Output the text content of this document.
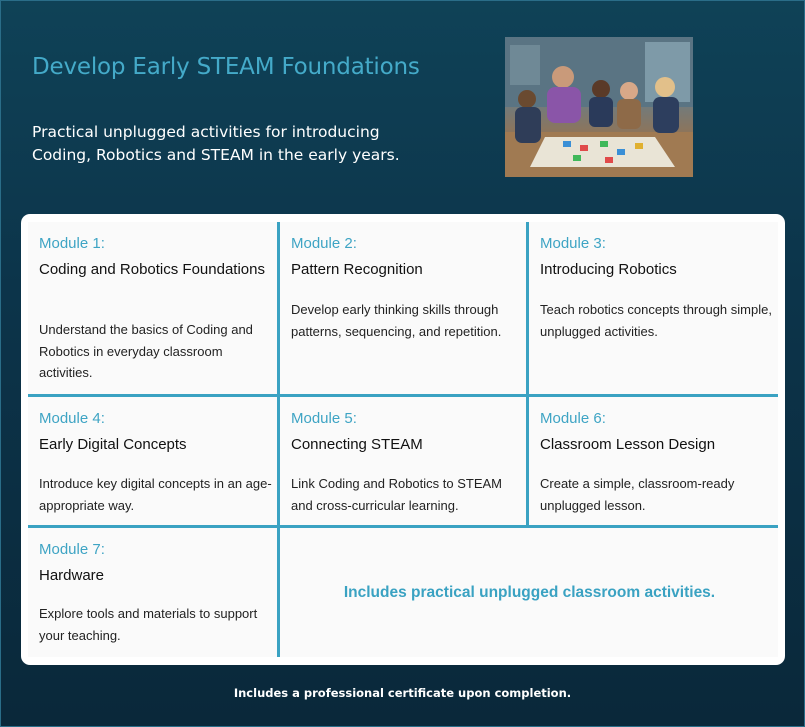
Develop Early STEAM Foundations

Practical unplugged activities for introducing Coding, Robotics and STEAM in the early years.

Module 1:
Coding and Robotics Foundations
Understand the basics of Coding and Robotics in everyday classroom activities.
Module 2:
Pattern Recognition
Develop early thinking skills through patterns, sequencing, and repetition.
Module 3:
Introducing Robotics
Teach robotics concepts through simple, unplugged activities.
Module 4:
Early Digital Concepts
Introduce key digital concepts in an age-appropriate way.
Module 5:
Connecting STEAM
Link Coding and Robotics to STEAM and cross-curricular learning.
Module 6:
Classroom Lesson Design
Create a simple, classroom-ready unplugged lesson.
Module 7:
Hardware
Explore tools and materials to support your teaching.
Includes practical unplugged classroom activities.
Includes a professional certificate upon completion.
